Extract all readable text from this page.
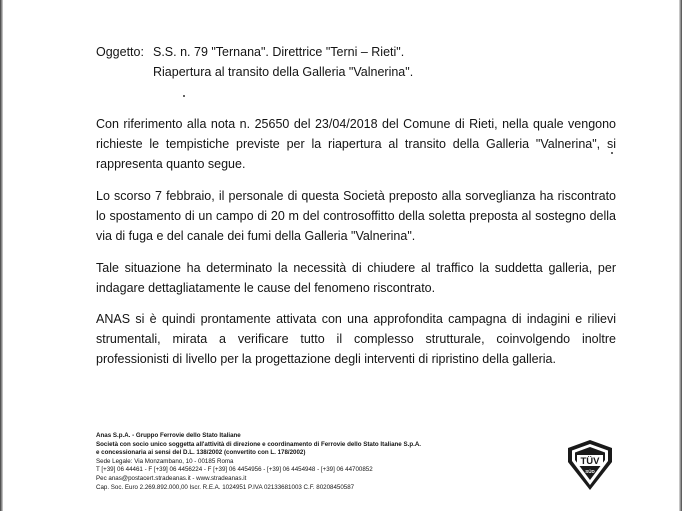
Oggetto: S.S. n. 79 "Ternana". Direttrice "Terni – Rieti".
Riapertura al transito della Galleria "Valnerina".
Con riferimento alla nota n. 25650 del 23/04/2018 del Comune di Rieti, nella quale vengono richieste le tempistiche previste per la riapertura al transito della Galleria "Valnerina", si rappresenta quanto segue.
Lo scorso 7 febbraio, il personale di questa Società preposto alla sorveglianza ha riscontrato lo spostamento di un campo di 20 m del controsoffitto della soletta preposta al sostegno della via di fuga e del canale dei fumi della Galleria "Valnerina".
Tale situazione ha determinato la necessità di chiudere al traffico la suddetta galleria, per indagare dettagliatamente le cause del fenomeno riscontrato.
ANAS si è quindi prontamente attivata con una approfondita campagna di indagini e rilievi strumentali, mirata a verificare tutto il complesso strutturale, coinvolgendo inoltre professionisti di livello per la progettazione degli interventi di ripristino della galleria.
Anas S.p.A. - Gruppo Ferrovie dello Stato Italiane
Società con socio unico soggetta all'attività di direzione e coordinamento di Ferrovie dello Stato Italiane S.p.A.
e concessionaria ai sensi del D.L. 138/2002 (convertito con L. 178/2002)
Sede Legale: Via Monzambano, 10 - 00185 Roma
T [+39] 06 44461 - F [+39] 06 4456224 - F [+39] 06 4454956 - [+39] 06 4454948 - [+39] 06 44700852
Pec anas@postacert.stradeanas.it - www.stradeanas.it
Cap. Soc. Euro 2.269.892.000,00 Iscr. R.E.A. 1024951 P.IVA 02133681003 C.F. 80208450587
TÜV
SÜD
